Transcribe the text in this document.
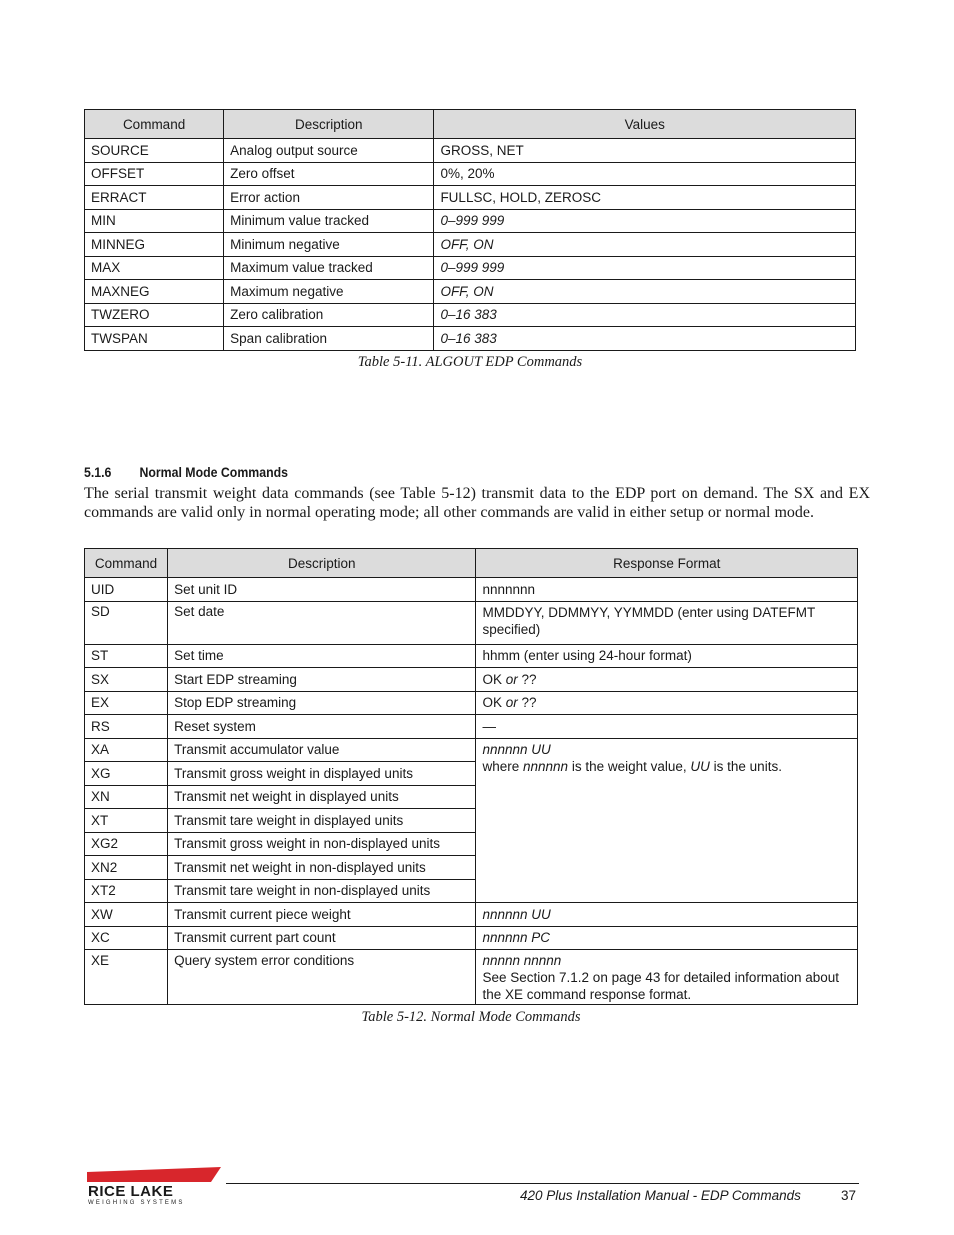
Command	Description	Values
SOURCE	Analog output source	GROSS, NET
OFFSET	Zero offset	0%, 20%
ERRACT	Error action	FULLSC, HOLD, ZEROSC
MIN	Minimum value tracked	0–999 999
MINNEG	Minimum negative	OFF, ON
MAX	Maximum value tracked	0–999 999
MAXNEG	Maximum negative	OFF, ON
TWZERO	Zero calibration	0–16 383
TWSPAN	Span calibration	0–16 383
Table 5-11. ALGOUT EDP Commands
5.1.6 Normal Mode Commands
The serial transmit weight data commands (see Table 5-12) transmit data to the EDP port on demand. The SX and EX commands are valid only in normal operating mode; all other commands are valid in either setup or normal mode.
Command	Description	Response Format
UID	Set unit ID	nnnnnnn
SD	Set date	MMDDYY, DDMMYY, YYMMDD (enter using DATEFMT specified)
ST	Set time	hhmm (enter using 24-hour format)
SX	Start EDP streaming	OK or ??
EX	Stop EDP streaming	OK or ??
RS	Reset system	—
XA	Transmit accumulator value	nnnnnn UU
where nnnnnn is the weight value, UU is the units.

XG	Transmit gross weight in displayed units	
XN	Transmit net weight in displayed units	
XT	Transmit tare weight in displayed units	
XG2	Transmit gross weight in non-displayed units	
XN2	Transmit net weight in non-displayed units	
XT2	Transmit tare weight in non-displayed units	
XW	Transmit current piece weight	nnnnnn UU
XC	Transmit current part count	nnnnnn PC
XE	Query system error conditions	nnnnn nnnnn
See Section 7.1.2 on page 43 for detailed information about the XE command response format.
Table 5-12. Normal Mode Commands
RICE LAKE
WEIGHING SYSTEMS	420 Plus Installation Manual - EDP Commands	37
